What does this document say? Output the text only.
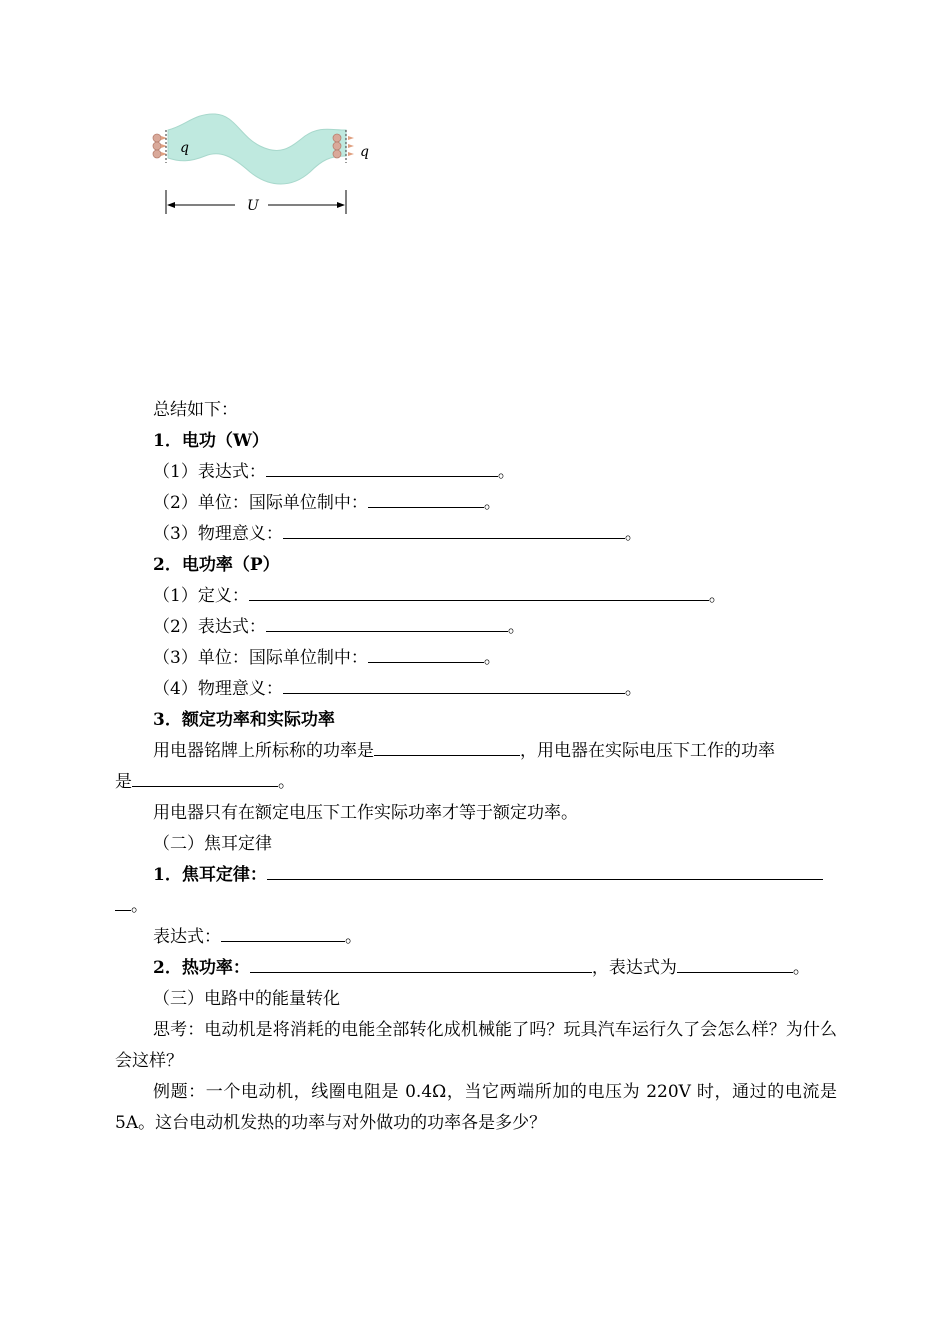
q	q
U
总结如下：
1．电功（W）
（1）表达式：	。
（2）单位：国际单位制中：	。
（3）物理意义：	。
2．电功率（P）
（1）定义：	。
（2）表达式：	。
（3）单位：国际单位制中：	。
（4）物理意义：	。
3．额定功率和实际功率
用电器铭牌上所标称的功率是	，用电器在实际电压下工作的功率
是	。
用电器只有在额定电压下工作实际功率才等于额定功率。
（二）焦耳定律
1．焦耳定律：
。
表达式：	。
2．热功率：	，表达式为	。
（三）电路中的能量转化
思考：电动机是将消耗的电能全部转化成机械能了吗？玩具汽车运行久了会怎么样？为什么会这样？
例题：一个电动机，线圈电阻是 0.4Ω，当它两端所加的电压为 220V 时，通过的电流是 5A。这台电动机发热的功率与对外做功的功率各是多少？
